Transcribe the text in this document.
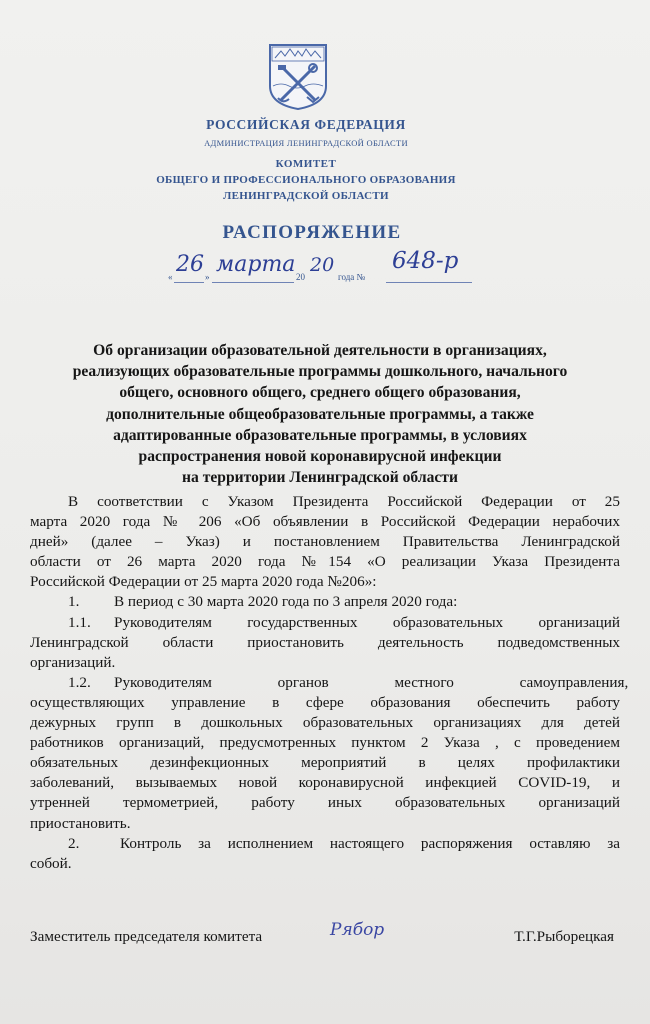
РОССИЙСКАЯ ФЕДЕРАЦИЯ
АДМИНИСТРАЦИЯ ЛЕНИНГРАДСКОЙ ОБЛАСТИ
КОМИТЕТ
ОБЩЕГО И ПРОФЕССИОНАЛЬНОГО ОБРАЗОВАНИЯ
ЛЕНИНГРАДСКОЙ ОБЛАСТИ
РАСПОРЯЖЕНИЕ
« 26 » марта 20
20
года №
648-р
Об организации образовательной деятельности в организациях,
реализующих образовательные программы дошкольного, начального
общего, основного общего, среднего общего образования,
дополнительные общеобразовательные программы, а также
адаптированные образовательные программы, в условиях
распространения новой коронавирусной инфекции
на территории Ленинградской области
В соответствии с Указом Президента Российской Федерации от 25
марта 2020 года № 206 «Об объявлении в Российской Федерации нерабочих
дней» (далее – Указ) и постановлением Правительства Ленинградской
области от 26 марта 2020 года №154 «О реализации Указа Президента
Российской Федерации от 25 марта 2020 года №206»:
1. В период с 30 марта 2020 года по 3 апреля 2020 года:
1.1. Руководителям государственных образовательных организаций
Ленинградской области приостановить деятельность подведомственных
организаций.
1.2. Руководителям органов местного самоуправления,
осуществляющих управление в сфере образования обеспечить работу
дежурных групп в дошкольных образовательных организациях для детей
работников организаций, предусмотренных пунктом 2 Указа , с проведением
обязательных дезинфекционных мероприятий в целях профилактики
заболеваний, вызываемых новой коронавирусной инфекцией COVID-19, и
утренней термометрией, работу иных образовательных организаций
приостановить.
2.	Контроль за исполнением настоящего распоряжения оставляю за
собой.
Заместитель председателя комитета	Т.Г.Рыборецкая
Рябор
